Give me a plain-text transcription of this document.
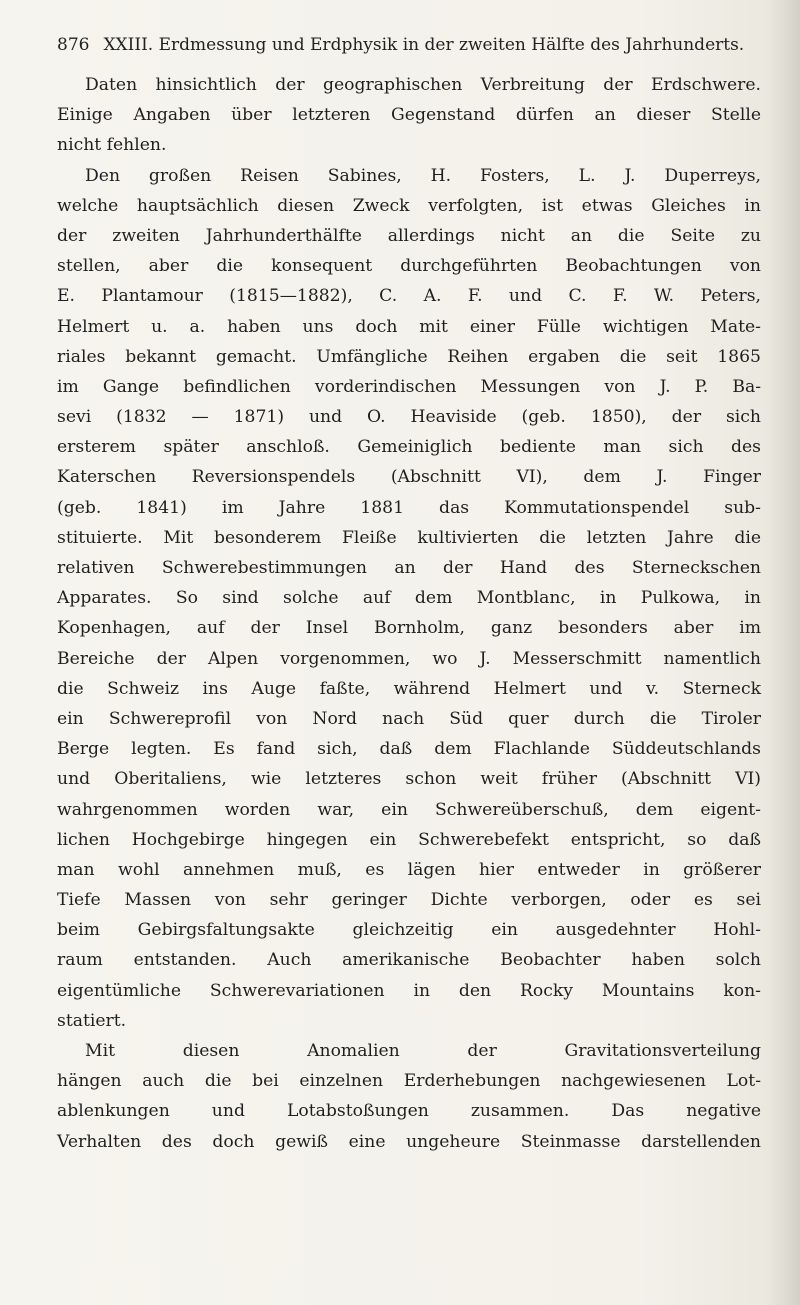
876 XXIII. Erdmessung und Erdphysik in der zweiten Hälfte des Jahrhunderts.
Daten hinsichtlich der geographischen Verbreitung der Erdschwere.
Einige Angaben über letzteren Gegenstand dürfen an dieser Stelle
nicht fehlen.
Den großen Reisen Sabines, H. Fosters, L. J. Duperreys,
welche hauptsächlich diesen Zweck verfolgten, ist etwas Gleiches in
der zweiten Jahrhunderthälfte allerdings nicht an die Seite zu
stellen, aber die konsequent durchgeführten Beobachtungen von
E. Plantamour (1815—1882), C. A. F. und C. F. W. Peters,
Helmert u. a. haben uns doch mit einer Fülle wichtigen Mate-
riales bekannt gemacht. Umfängliche Reihen ergaben die seit 1865
im Gange befindlichen vorderindischen Messungen von J. P. Ba-
sevi (1832 — 1871) und O. Heaviside (geb. 1850), der sich
ersterem später anschloß. Gemeiniglich bediente man sich des
Katerschen Reversionspendels (Abschnitt VI), dem J. Finger
(geb. 1841) im Jahre 1881 das Kommutationspendel sub-
stituierte. Mit besonderem Fleiße kultivierten die letzten Jahre die
relativen Schwerebestimmungen an der Hand des Sterneckschen
Apparates. So sind solche auf dem Montblanc, in Pulkowa, in
Kopenhagen, auf der Insel Bornholm, ganz besonders aber im
Bereiche der Alpen vorgenommen, wo J. Messerschmitt namentlich
die Schweiz ins Auge faßte, während Helmert und v. Sterneck
ein Schwereprofil von Nord nach Süd quer durch die Tiroler
Berge legten. Es fand sich, daß dem Flachlande Süddeutschlands
und Oberitaliens, wie letzteres schon weit früher (Abschnitt VI)
wahrgenommen worden war, ein Schwereüberschuß, dem eigent-
lichen Hochgebirge hingegen ein Schwerebefekt entspricht, so daß
man wohl annehmen muß, es lägen hier entweder in größerer
Tiefe Massen von sehr geringer Dichte verborgen, oder es sei
beim Gebirgsfaltungsakte gleichzeitig ein ausgedehnter Hohl-
raum entstanden. Auch amerikanische Beobachter haben solch
eigentümliche Schwerevariationen in den Rocky Mountains kon-
statiert.
Mit diesen Anomalien der Gravitationsverteilung
hängen auch die bei einzelnen Erderhebungen nachgewiesenen Lot-
ablenkungen und Lotabstoßungen zusammen. Das negative
Verhalten des doch gewiß eine ungeheure Steinmasse darstellenden
